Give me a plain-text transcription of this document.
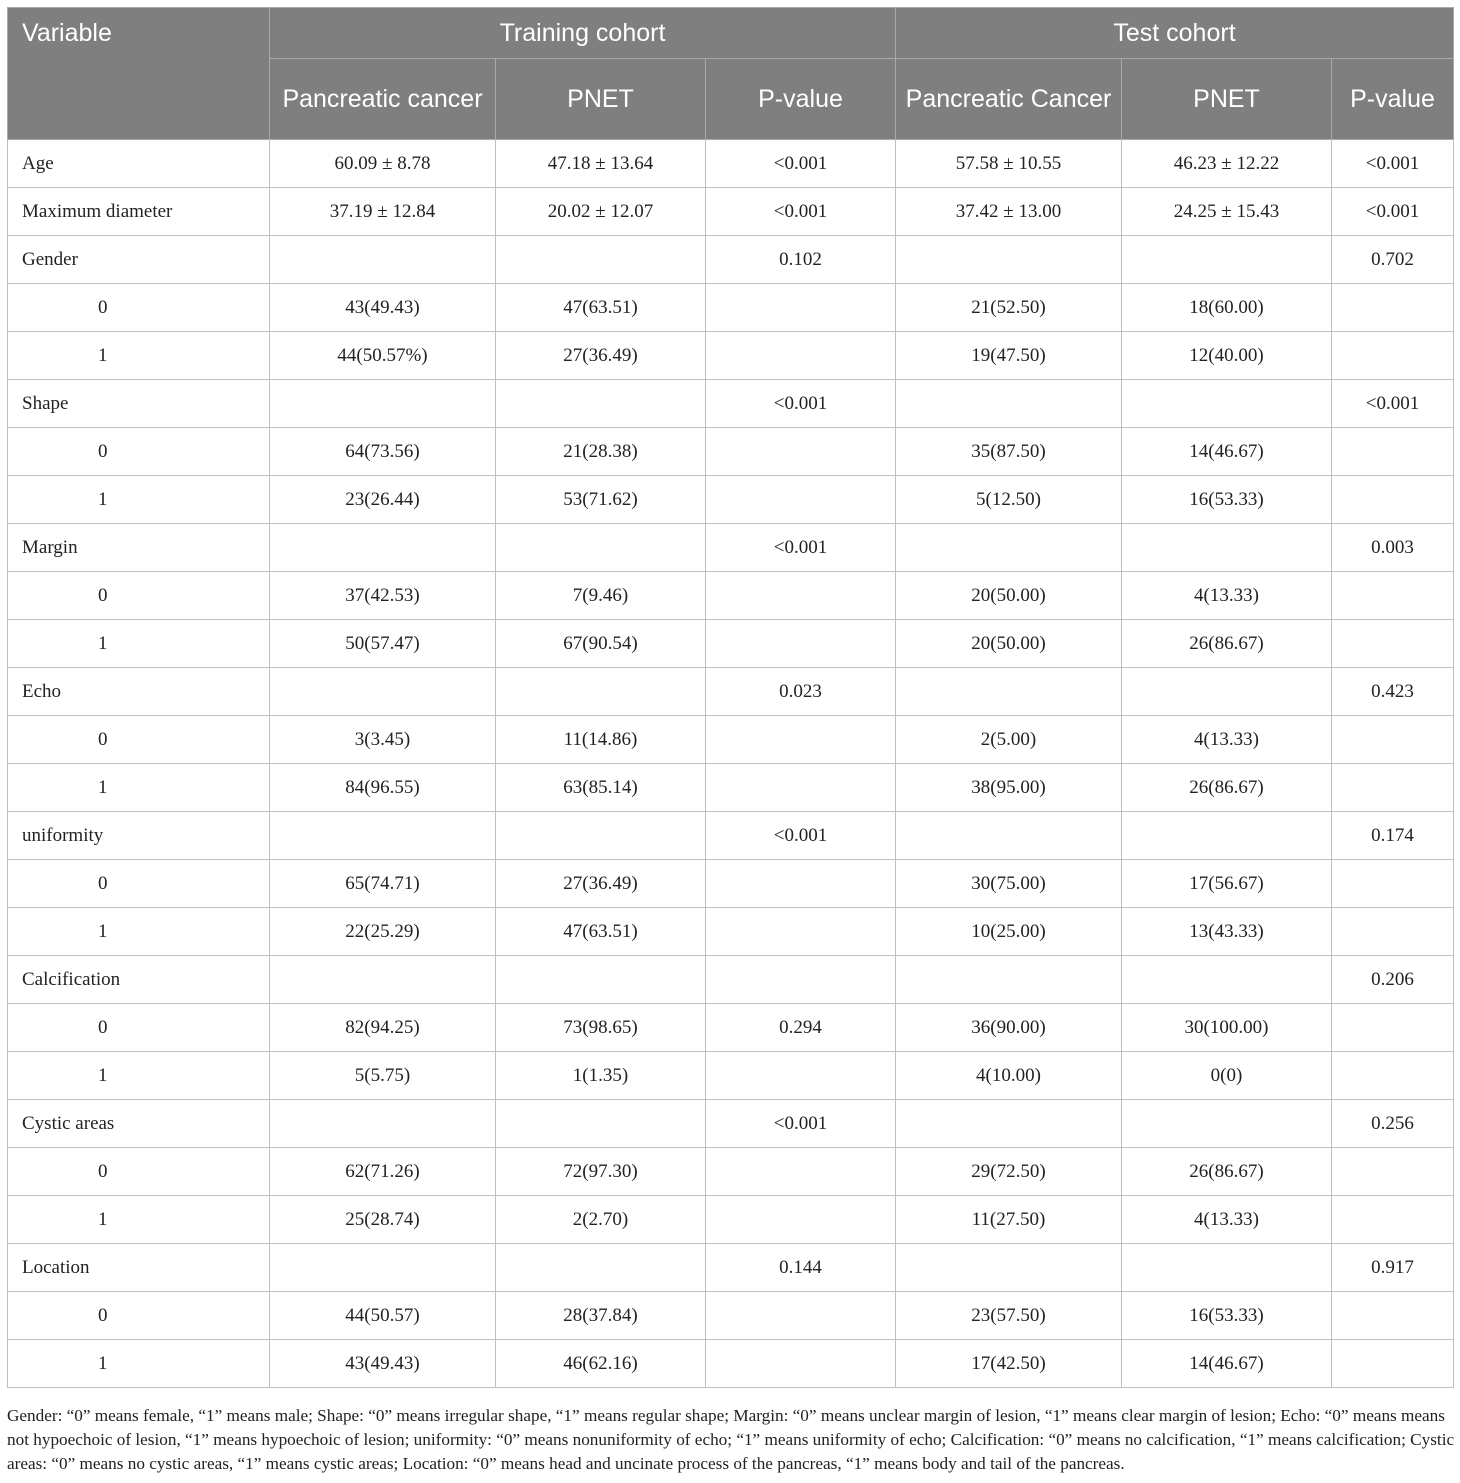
Variable	Training cohort			Test cohort		
	Pancreatic cancer	PNET	P-value	Pancreatic Cancer	PNET	P-value
Age	60.09 ± 8.78	47.18 ± 13.64	<0.001	57.58 ± 10.55	46.23 ± 12.22	<0.001
Maximum diameter	37.19 ± 12.84	20.02 ± 12.07	<0.001	37.42 ± 13.00	24.25 ± 15.43	<0.001
Gender			0.102			0.702
0	43(49.43)	47(63.51)		21(52.50)	18(60.00)	
1	44(50.57%)	27(36.49)		19(47.50)	12(40.00)	
Shape			<0.001			<0.001
0	64(73.56)	21(28.38)		35(87.50)	14(46.67)	
1	23(26.44)	53(71.62)		5(12.50)	16(53.33)	
Margin			<0.001			0.003
0	37(42.53)	7(9.46)		20(50.00)	4(13.33)	
1	50(57.47)	67(90.54)		20(50.00)	26(86.67)	
Echo			0.023			0.423
0	3(3.45)	11(14.86)		2(5.00)	4(13.33)	
1	84(96.55)	63(85.14)		38(95.00)	26(86.67)	
uniformity			<0.001			0.174
0	65(74.71)	27(36.49)		30(75.00)	17(56.67)	
1	22(25.29)	47(63.51)		10(25.00)	13(43.33)	
Calcification						0.206
0	82(94.25)	73(98.65)	0.294	36(90.00)	30(100.00)	
1	5(5.75)	1(1.35)		4(10.00)	0(0)	
Cystic areas			<0.001			0.256
0	62(71.26)	72(97.30)		29(72.50)	26(86.67)	
1	25(28.74)	2(2.70)		11(27.50)	4(13.33)	
Location			0.144			0.917
0	44(50.57)	28(37.84)		23(57.50)	16(53.33)	
1	43(49.43)	46(62.16)		17(42.50)	14(46.67)	
Gender: “0” means female, “1” means male; Shape: “0” means irregular shape, “1” means regular shape; Margin: “0” means unclear margin of lesion, “1” means clear margin of lesion; Echo: “0” means means not hypoechoic of lesion, “1” means hypoechoic of lesion; uniformity: “0” means nonuniformity of echo; “1” means uniformity of echo; Calcification: “0” means no calcification, “1” means calcification; Cystic areas: “0” means no cystic areas, “1” means cystic areas; Location: “0” means head and uncinate process of the pancreas, “1” means body and tail of the pancreas.
